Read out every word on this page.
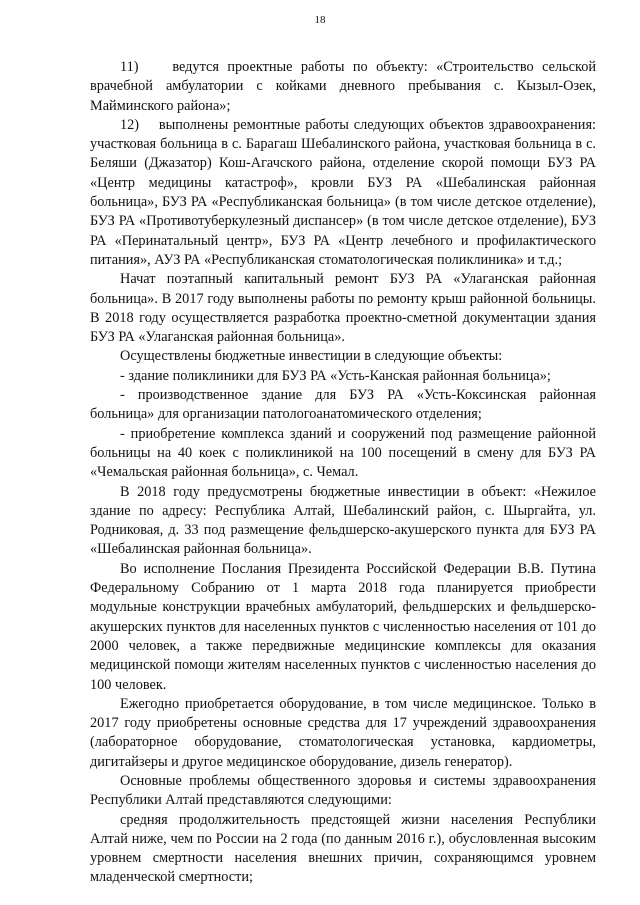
18

11)    ведутся проектные работы по объекту: «Строительство сельской врачебной амбулатории с койками дневного пребывания с. Кызыл-Озек, Майминского района»;

12)    выполнены ремонтные работы следующих объектов здравоохранения: участковая больница в с. Барагаш Шебалинского района, участковая больница в с. Беляши (Джазатор) Кош-Агачского района, отделение скорой помощи БУЗ РА «Центр медицины катастроф», кровли БУЗ РА «Шебалинская районная больница», БУЗ РА «Республиканская больница» (в том числе детское отделение), БУЗ РА «Противотуберкулезный диспансер» (в том числе детское отделение), БУЗ РА «Перинатальный центр», БУЗ РА «Центр лечебного и профилактического питания», АУЗ РА «Республиканская стоматологическая поликлиника» и т.д.;

Начат поэтапный капитальный ремонт БУЗ РА «Улаганская районная больница». В 2017 году выполнены работы по ремонту крыш районной больницы. В 2018 году осуществляется разработка проектно-сметной документации здания БУЗ РА «Улаганская районная больница».

Осуществлены бюджетные инвестиции в следующие объекты:

- здание поликлиники для БУЗ РА «Усть-Канская районная больница»;

- производственное здание для БУЗ РА «Усть-Коксинская районная больница» для организации патологоанатомического отделения;

- приобретение комплекса зданий и сооружений под размещение районной больницы на 40 коек с поликлиникой на 100 посещений в смену для БУЗ РА «Чемальская районная больница», с. Чемал.

В 2018 году предусмотрены бюджетные инвестиции в объект: «Нежилое здание по адресу: Республика Алтай, Шебалинский район, с. Шыргайта, ул. Родниковая, д. 33 под размещение фельдшерско-акушерского пункта для БУЗ РА «Шебалинская районная больница».

Во исполнение Послания Президента Российской Федерации В.В. Путина Федеральному Собранию от 1 марта 2018 года планируется приобрести модульные конструкции врачебных амбулаторий, фельдшерских и фельдшерско-акушерских пунктов для населенных пунктов с численностью населения от 101 до 2000 человек, а также передвижные медицинские комплексы для оказания медицинской помощи жителям населенных пунктов с численностью населения до 100 человек.

Ежегодно приобретается оборудование, в том числе медицинское. Только в 2017 году приобретены основные средства для 17 учреждений здравоохранения (лабораторное оборудование, стоматологическая установка, кардиометры, дигитайзеры и другое медицинское оборудование, дизель генератор).

Основные проблемы общественного здоровья и системы здравоохранения Республики Алтай представляются следующими:

средняя продолжительность предстоящей жизни населения Республики Алтай ниже, чем по России на 2 года (по данным 2016 г.), обусловленная высоким уровнем смертности населения внешних причин, сохраняющимся уровнем младенческой смертности;
